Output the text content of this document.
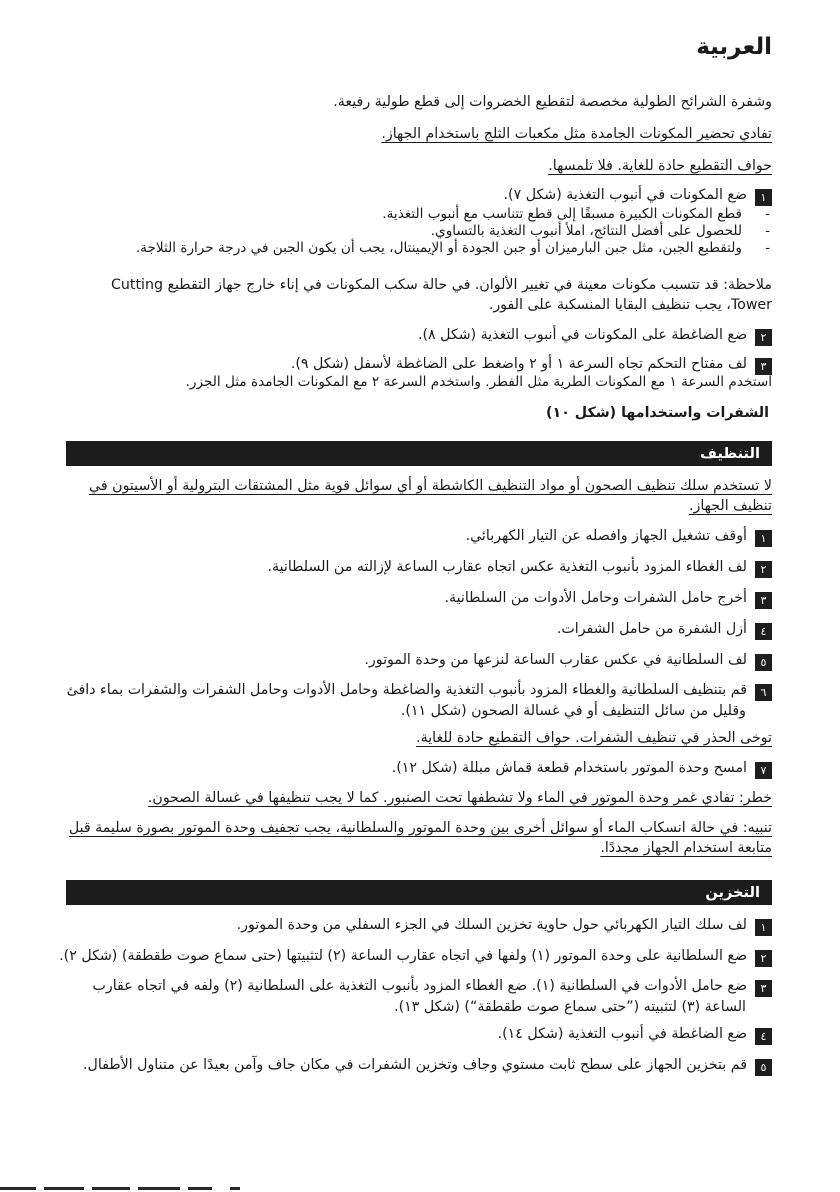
العربية
وشفرة الشرائح الطولية مخصصة لتقطيع الخضروات إلى قطع طولية رفيعة.
تفادي تحضير المكونات الجامدة مثل مكعبات الثلج باستخدام الجهاز.
حواف التقطيع حادة للغاية. فلا تلمسها.
١ضع المكونات في أنبوب التغذية (شكل ٧).
- قطع المكونات الكبيرة مسبقًا إلى قطع تتناسب مع أنبوب التغذية.
- للحصول على أفضل النتائج، املأ أنبوب التغذية بالتساوي.
- ولتقطيع الجبن، مثل جبن البارميزان أو جبن الجودة أو الإيمينتال، يجب أن يكون الجبن في درجة حرارة الثلاجة.
ملاحظة: قد تتسبب مكونات معينة في تغيير الألوان. في حالة سكب المكونات في إناء خارج جهاز التقطيع Cutting
Tower، يجب تنظيف البقايا المنسكبة على الفور.
٢ضع الضاغطة على المكونات في أنبوب التغذية (شكل ٨).
٣لف مفتاح التحكم تجاه السرعة ١ أو ٢ واضغط على الضاغطة لأسفل (شكل ٩).
استخدم السرعة ١ مع المكونات الطرية مثل الفطر. واستخدم السرعة ٢ مع المكونات الجامدة مثل الجزر.
الشفرات واستخدامها (شكل ١٠)
التنظيف
لا تستخدم سلك تنظيف الصحون أو مواد التنظيف الكاشطة أو أي سوائل قوية مثل المشتقات البترولية أو الأسيتون في
تنظيف الجهاز.
١أوقف تشغيل الجهاز وافصله عن التيار الكهربائي.
٢لف الغطاء المزود بأنبوب التغذية عكس اتجاه عقارب الساعة لإزالته من السلطانية.
٣أخرج حامل الشفرات وحامل الأدوات من السلطانية.
٤أزل الشفرة من حامل الشفرات.
٥لف السلطانية في عكس عقارب الساعة لنزعها من وحدة الموتور.
٦قم بتنظيف السلطانية والغطاء المزود بأنبوب التغذية والضاغطة وحامل الأدوات وحامل الشفرات والشفرات بماء دافئ
وقليل من سائل التنظيف أو في غسالة الصحون (شكل ١١).
توخى الحذر في تنظيف الشفرات. حواف التقطيع حادة للغاية.
٧امسح وحدة الموتور باستخدام قطعة قماش مبللة (شكل ١٢).
خطر: تفادي غمر وحدة الموتور في الماء ولا تشطفها تحت الصنبور. كما لا يجب تنظيفها في غسالة الصحون.
تنبيه: في حالة انسكاب الماء أو سوائل أخرى بين وحدة الموتور والسلطانية، يجب تجفيف وحدة الموتور بصورة سليمة قبل
متابعة استخدام الجهاز مجددًا.
التخزين
١لف سلك التيار الكهربائي حول حاوية تخزين السلك في الجزء السفلي من وحدة الموتور.
٢ضع السلطانية على وحدة الموتور (١) ولفها في اتجاه عقارب الساعة (٢) لتثبيتها (حتى سماع صوت طقطقة) (شكل ٢).
٣ضع حامل الأدوات في السلطانية (١). ضع الغطاء المزود بأنبوب التغذية على السلطانية (٢) ولفه في اتجاه عقارب
الساعة (٣) لتثبيته (”حتى سماع صوت طقطقة“) (شكل ١٣).
٤ضع الضاغطة في أنبوب التغذية (شكل ١٤).
٥قم بتخزين الجهاز على سطح ثابت مستوي وجاف وتخزين الشفرات في مكان جاف وآمن بعيدًا عن متناول الأطفال.
